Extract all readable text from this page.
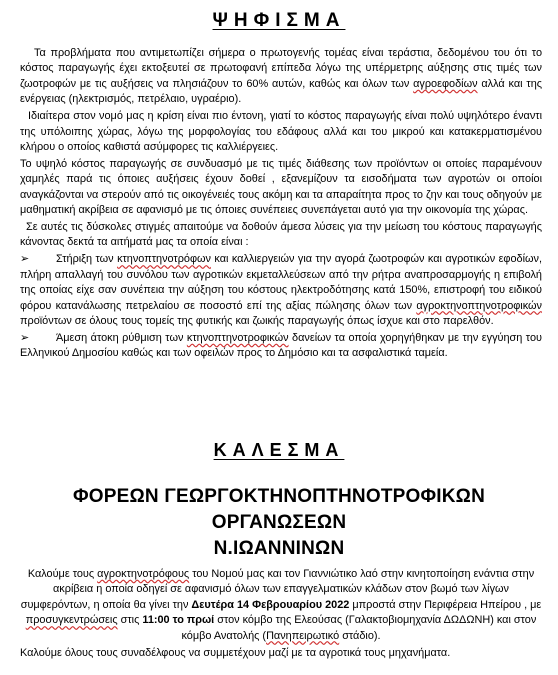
ΨΗΦΙΣΜΑ

Τα προβλήματα που αντιμετωπίζει σήμερα ο πρωτογενής τομέας είναι τεράστια, δεδομένου του ότι το κόστος παραγωγής έχει εκτοξευτεί σε πρωτοφανή επίπεδα λόγω της υπέρμετρης αύξησης στις τιμές των ζωοτροφών με τις αυξήσεις να πλησιάζουν το 60% αυτών, καθώς και όλων των αγροεφοδίων αλλά και της ενέργειας (ηλεκτρισμός, πετρέλαιο, υγραέριο).

Ιδιαίτερα στον νομό μας η κρίση είναι πιο έντονη, γιατί το κόστος παραγωγής είναι πολύ υψηλότερο έναντι της υπόλοιπης χώρας, λόγω της μορφολογίας του εδάφους αλλά και του μικρού και κατακερματισμένου κλήρου ο οποίος καθιστά ασύμφορες τις καλλιέργειες.

Το υψηλό κόστος παραγωγής σε συνδυασμό με τις τιμές διάθεσης των προϊόντων οι οποίες παραμένουν χαμηλές παρά τις όποιες αυξήσεις έχουν δοθεί , εξανεμίζουν τα εισοδήματα των αγροτών οι οποίοι αναγκάζονται να στερούν από τις οικογένειές τους ακόμη και τα απαραίτητα προς το ζην και τους οδηγούν με μαθηματική ακρίβεια σε αφανισμό με τις όποιες συνέπειες συνεπάγεται αυτό για την οικονομία της χώρας.

Σε αυτές τις δύσκολες στιγμές απαιτούμε να δοθούν άμεσα λύσεις για την μείωση του κόστους παραγωγής κάνοντας δεκτά τα αιτήματά μας τα οποία είναι :

➢ Στήριξη των κτηνοπτηνοτρόφων και καλλιεργειών για την αγορά ζωοτροφών και αγροτικών εφοδίων, πλήρη απαλλαγή του συνόλου των αγροτικών εκμεταλλεύσεων από την ρήτρα αναπροσαρμογής η επιβολή της οποίας είχε σαν συνέπεια την αύξηση του κόστους ηλεκτροδότησης κατά 150%, επιστροφή του ειδικού φόρου κατανάλωσης πετρελαίου σε ποσοστό επί της αξίας πώλησης όλων των αγροκτηνοπτηνοτροφικών προϊόντων σε όλους τους τομείς της φυτικής και ζωικής παραγωγής όπως ίσχυε και στο παρελθόν.

➢ Άμεση άτοκη ρύθμιση των κτηνοπτηνοτροφικών δανείων τα οποία χορηγήθηκαν με την εγγύηση του Ελληνικού Δημοσίου καθώς και των οφειλών προς το Δημόσιο και τα ασφαλιστικά ταμεία.

ΚΑΛΕΣΜΑ
ΦΟΡΕΩΝ ΓΕΩΡΓΟΚΤΗΝΟΠΤΗΝΟΤΡΟΦΙΚΩΝ ΟΡΓΑΝΩΣΕΩΝ
Ν.ΙΩΑΝΝΙΝΩΝ

Καλούμε τους αγροκτηνοτρόφους του Νομού μας και τον Γιαννιώτικο λαό στην κινητοποίηση ενάντια στην ακρίβεια η οποία οδηγεί σε αφανισμό όλων των επαγγελματικών κλάδων στον βωμό των λίγων συμφερόντων, η οποία θα γίνει την Δευτέρα 14 Φεβρουαρίου 2022 μπροστά στην Περιφέρεια Ηπείρου , με προσυγκεντρώσεις στις 11:00 το πρωί στον κόμβο της Ελεούσας (Γαλακτοβιομηχανία ΔΩΔΩΝΗ) και στον κόμβο Ανατολής (Πανηπειρωτικό στάδιο).

Καλούμε όλους τους συναδέλφους να συμμετέχουν μαζί με τα αγροτικά τους μηχανήματα.
